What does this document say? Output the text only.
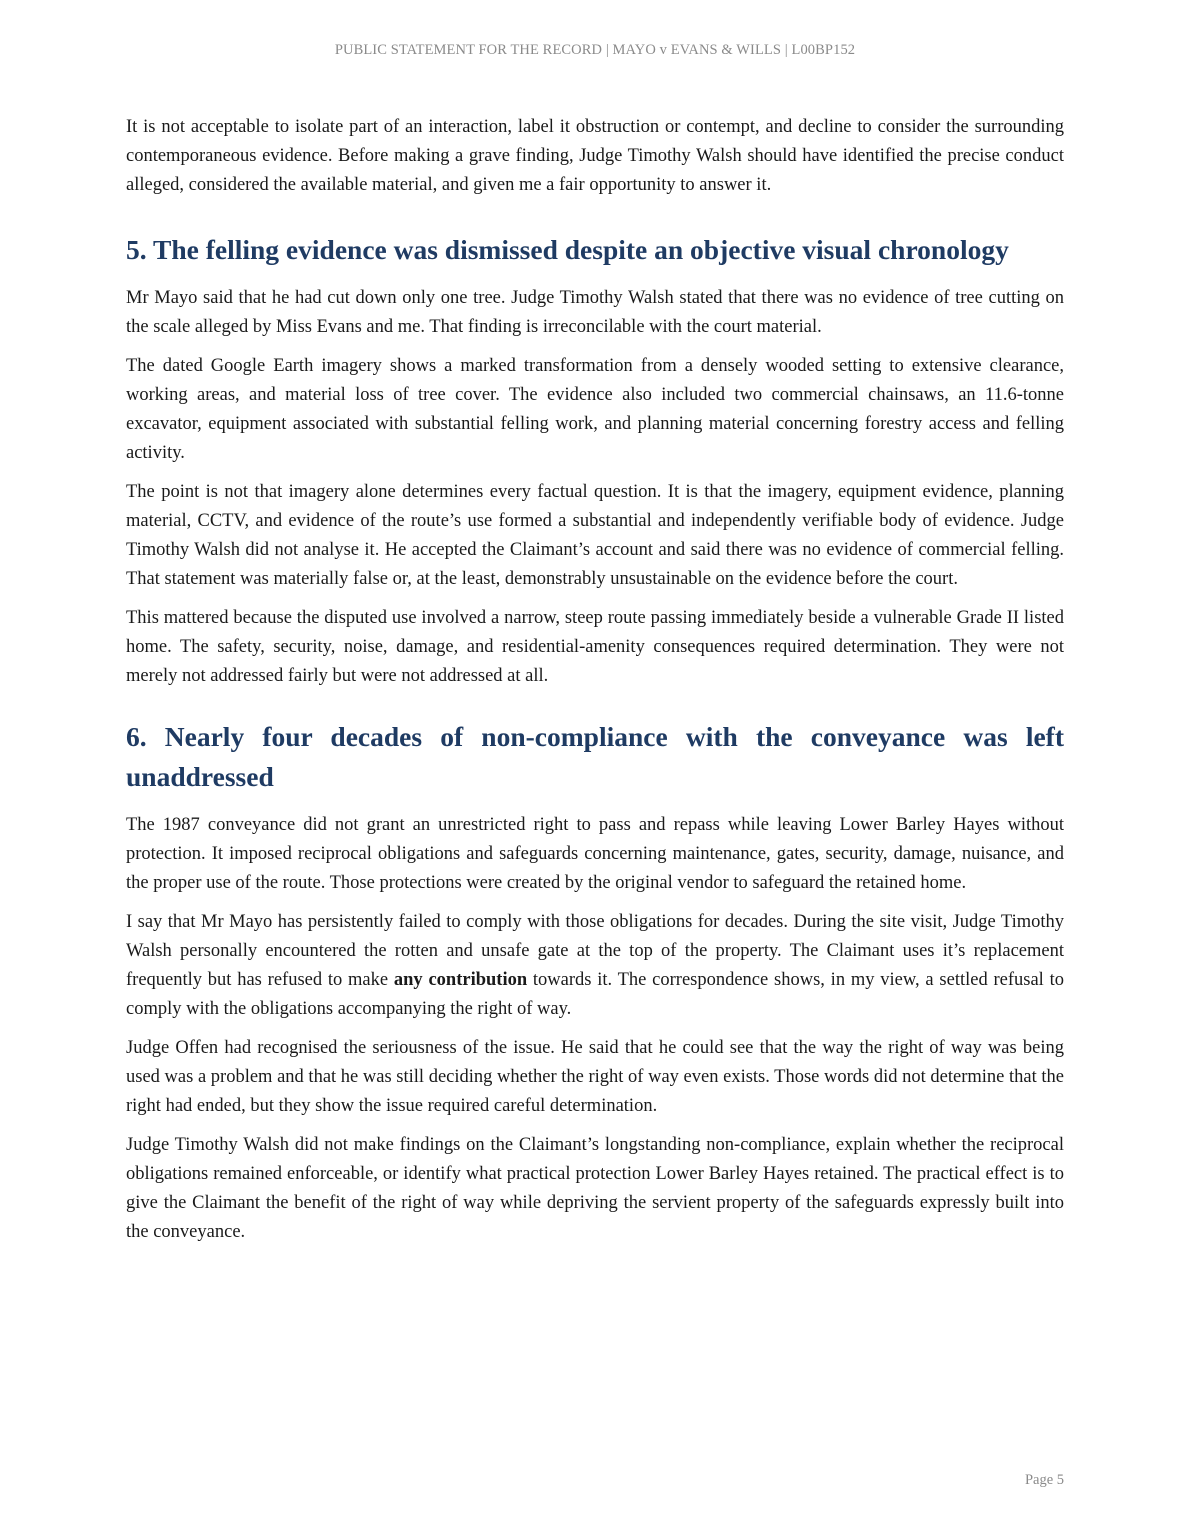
PUBLIC STATEMENT FOR THE RECORD | MAYO v EVANS & WILLS | L00BP152

It is not acceptable to isolate part of an interaction, label it obstruction or contempt, and decline to consider the surrounding contemporaneous evidence. Before making a grave finding, Judge Timothy Walsh should have identified the precise conduct alleged, considered the available material, and given me a fair opportunity to answer it.

5. The felling evidence was dismissed despite an objective visual chronology

Mr Mayo said that he had cut down only one tree. Judge Timothy Walsh stated that there was no evidence of tree cutting on the scale alleged by Miss Evans and me. That finding is irreconcilable with the court material.

The dated Google Earth imagery shows a marked transformation from a densely wooded setting to extensive clearance, working areas, and material loss of tree cover. The evidence also included two commercial chainsaws, an 11.6-tonne excavator, equipment associated with substantial felling work, and planning material concerning forestry access and felling activity.

The point is not that imagery alone determines every factual question. It is that the imagery, equipment evidence, planning material, CCTV, and evidence of the route’s use formed a substantial and independently verifiable body of evidence. Judge Timothy Walsh did not analyse it. He accepted the Claimant’s account and said there was no evidence of commercial felling. That statement was materially false or, at the least, demonstrably unsustainable on the evidence before the court.

This mattered because the disputed use involved a narrow, steep route passing immediately beside a vulnerable Grade II listed home. The safety, security, noise, damage, and residential-amenity consequences required determination. They were not merely not addressed fairly but were not addressed at all.

6. Nearly four decades of non-compliance with the conveyance was left unaddressed

The 1987 conveyance did not grant an unrestricted right to pass and repass while leaving Lower Barley Hayes without protection. It imposed reciprocal obligations and safeguards concerning maintenance, gates, security, damage, nuisance, and the proper use of the route. Those protections were created by the original vendor to safeguard the retained home.

I say that Mr Mayo has persistently failed to comply with those obligations for decades. During the site visit, Judge Timothy Walsh personally encountered the rotten and unsafe gate at the top of the property. The Claimant uses it’s replacement frequently but has refused to make any contribution towards it. The correspondence shows, in my view, a settled refusal to comply with the obligations accompanying the right of way.

Judge Offen had recognised the seriousness of the issue. He said that he could see that the way the right of way was being used was a problem and that he was still deciding whether the right of way even exists. Those words did not determine that the right had ended, but they show the issue required careful determination.

Judge Timothy Walsh did not make findings on the Claimant’s longstanding non-compliance, explain whether the reciprocal obligations remained enforceable, or identify what practical protection Lower Barley Hayes retained. The practical effect is to give the Claimant the benefit of the right of way while depriving the servient property of the safeguards expressly built into the conveyance.

Page 5
